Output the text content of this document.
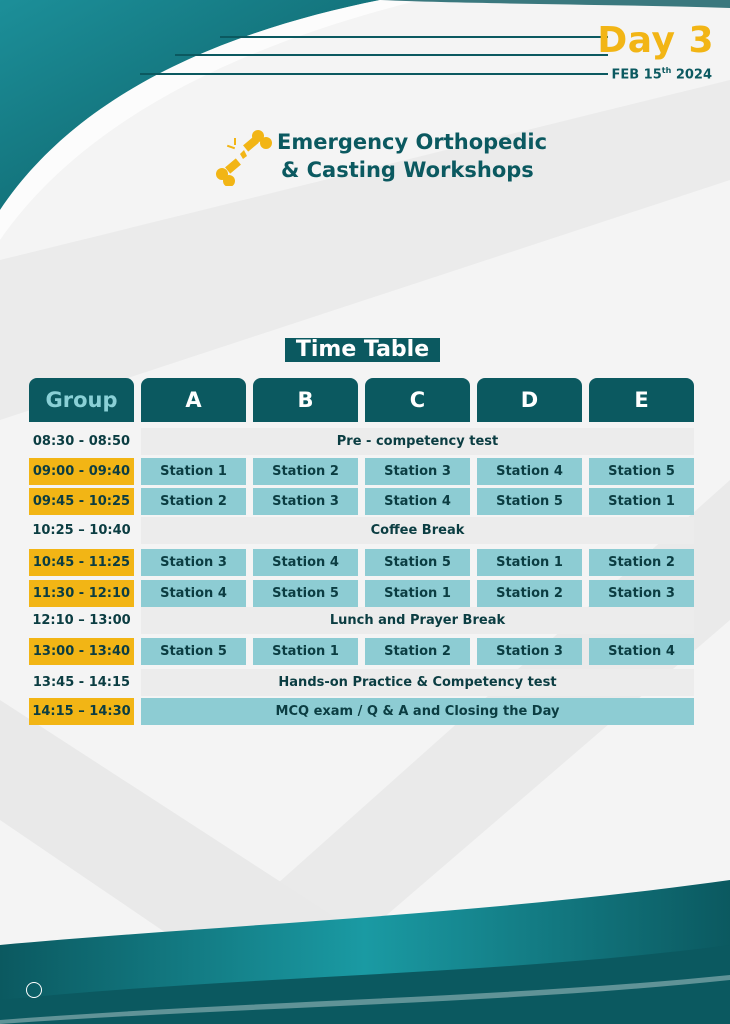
Day 3
FEB 15th 2024
Emergency Orthopedic
& Casting Workshops
Time Table
Group	A	B	C	D	E
08:30 - 08:50	Pre - competency test
09:00 - 09:40	Station 1	Station 2	Station 3	Station 4	Station 5
09:45 - 10:25	Station 2	Station 3	Station 4	Station 5	Station 1
10:25 – 10:40	Coffee Break
10:45 - 11:25	Station 3	Station 4	Station 5	Station 1	Station 2
11:30 - 12:10	Station 4	Station 5	Station 1	Station 2	Station 3
12:10 – 13:00	Lunch and Prayer Break
13:00 - 13:40	Station 5	Station 1	Station 2	Station 3	Station 4
13:45 - 14:15	Hands-on Practice & Competency test
14:15 – 14:30	MCQ exam / Q & A and Closing the Day
